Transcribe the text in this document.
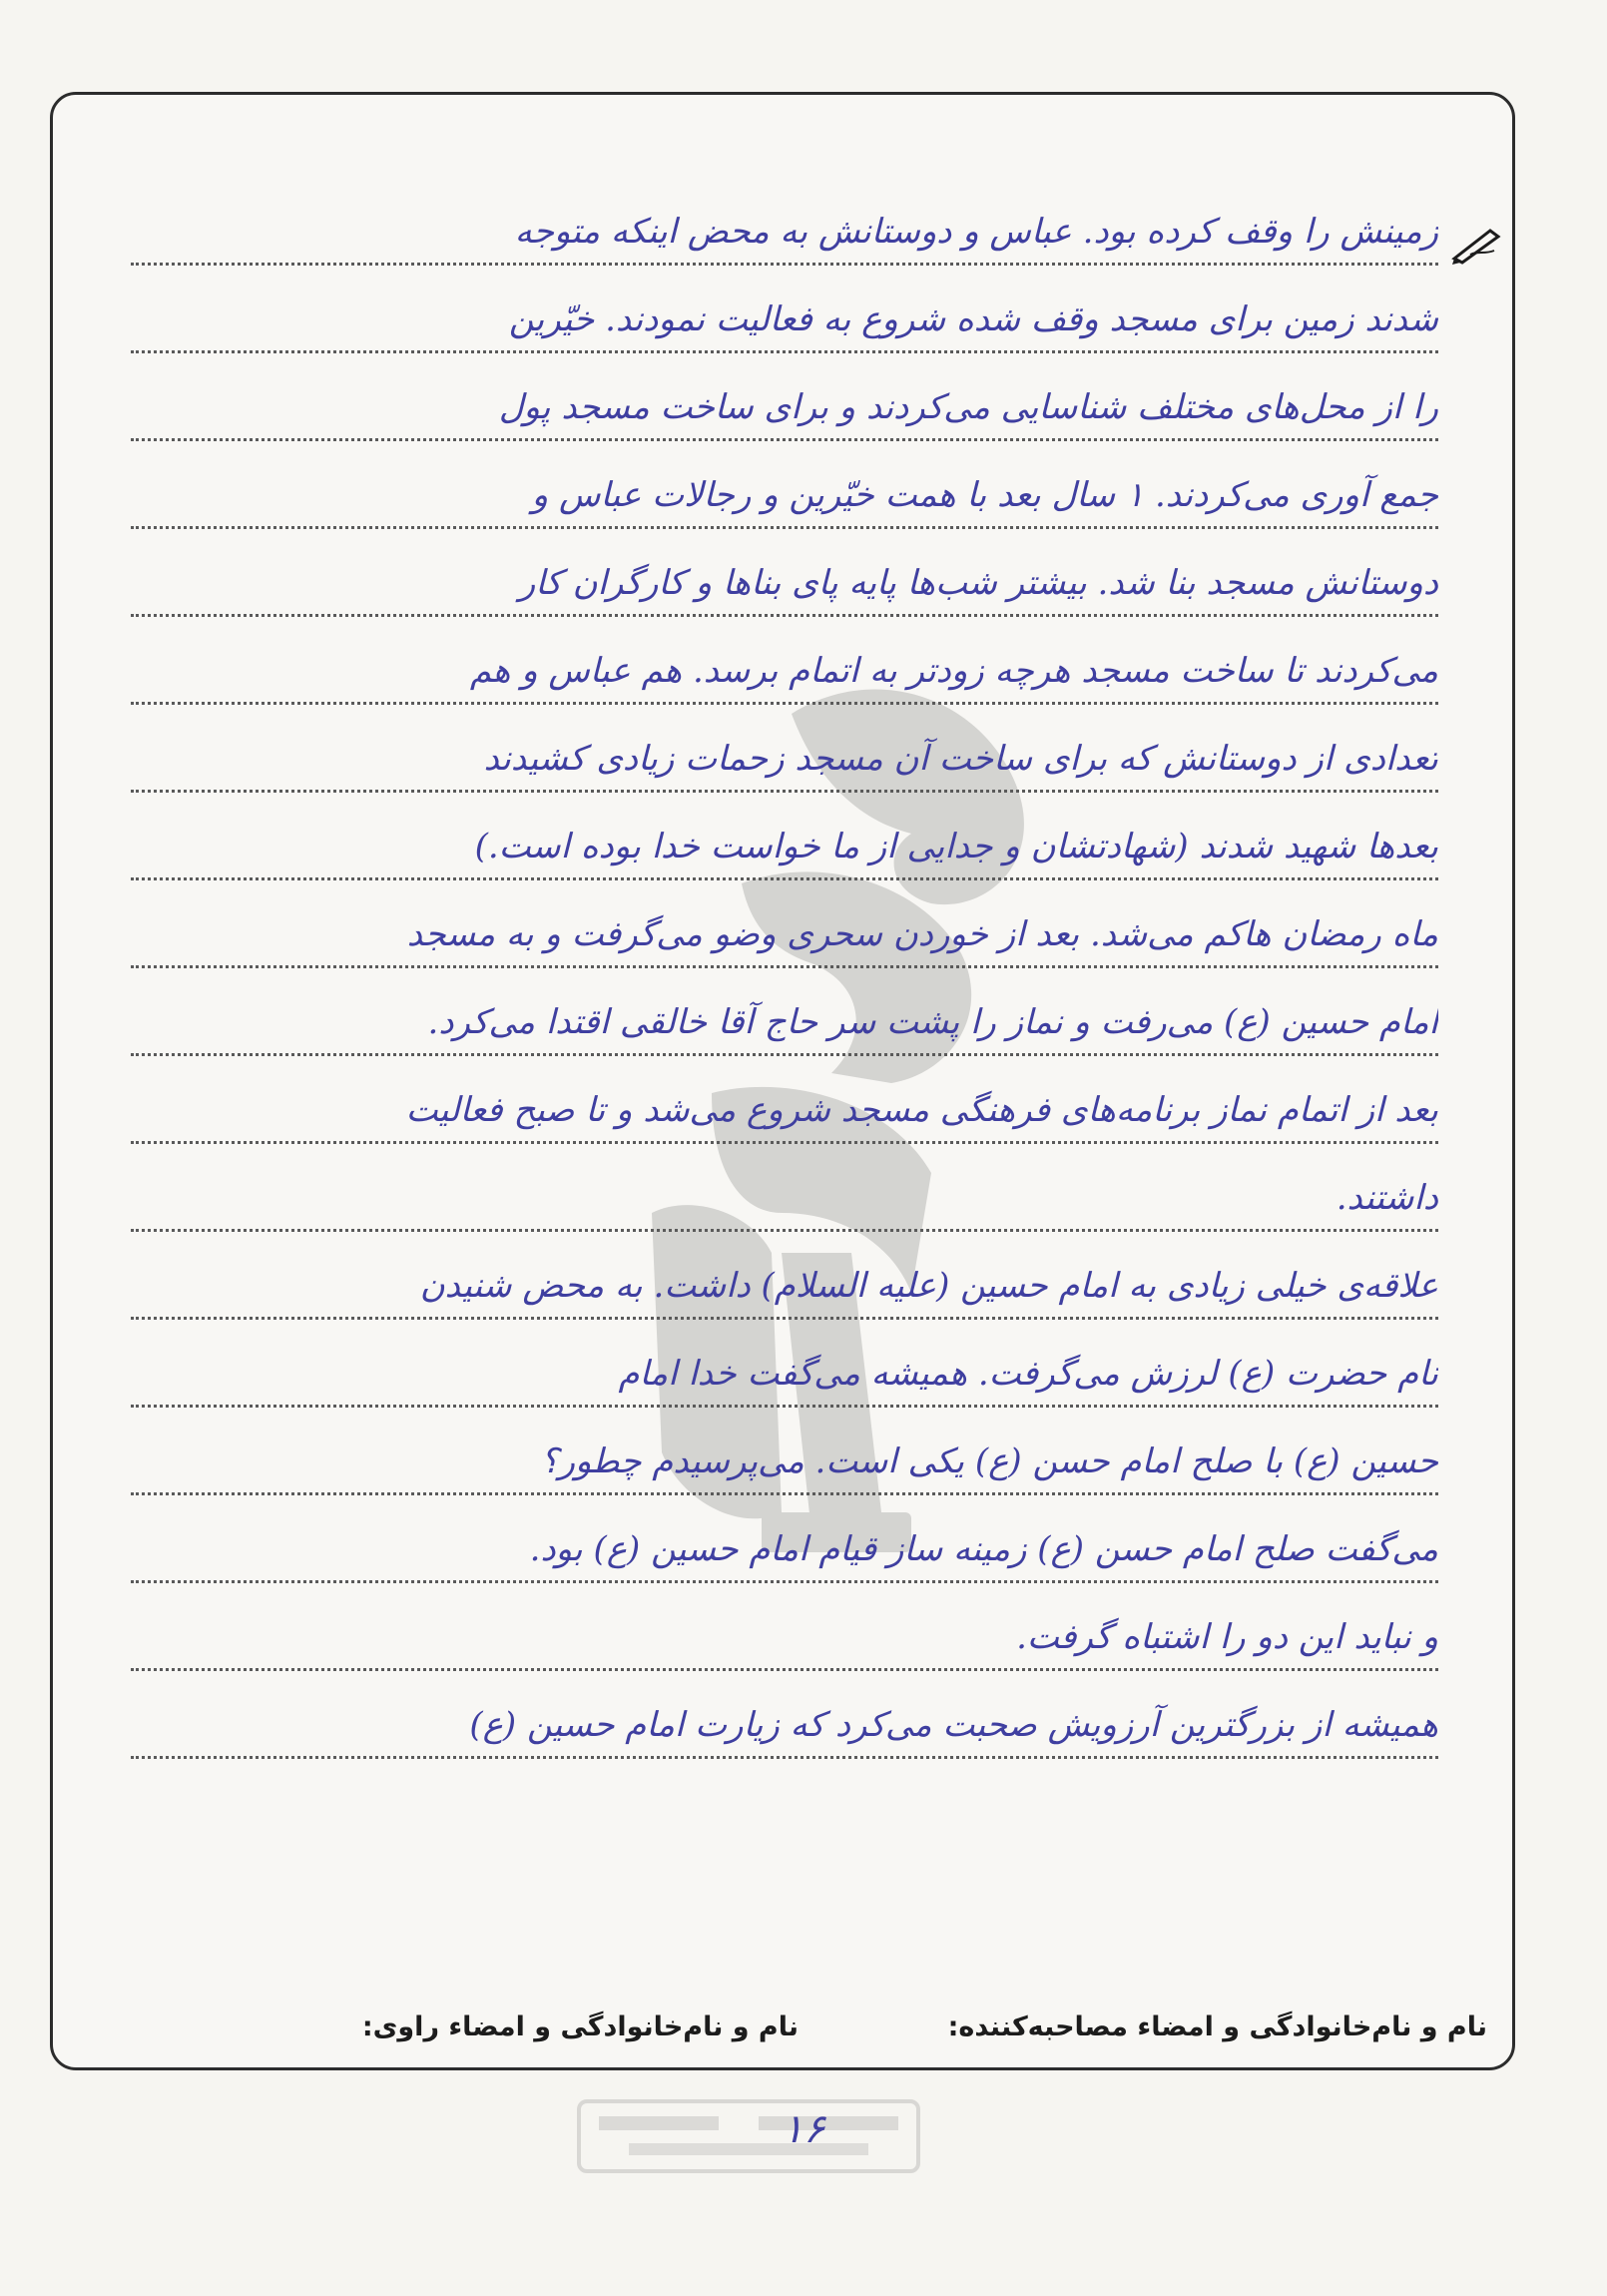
زمینش را وقف کرده بود. عباس و دوستانش به محض اینکه متوجه
شدند زمین برای مسجد وقف شده شروع به فعالیت نمودند. خیّرین
را از محل‌های مختلف شناسایی می‌کردند و برای ساخت مسجد پول
جمع آوری می‌کردند. ۱ سال بعد با همت خیّرین و رجالات عباس و
دوستانش مسجد بنا شد. بیشتر شب‌ها پایه پای بناها و کارگران کار
می‌کردند تا ساخت مسجد هرچه زودتر به اتمام برسد. هم عباس و هم
تعدادی از دوستانش که برای ساخت آن مسجد زحمات زیادی کشیدند
بعدها شهید شدند (شهادتشان و جدایی از ما خواست خدا بوده است.)
ماه رمضان هاکم می‌شد. بعد از خوردن سحری وضو می‌گرفت و به مسجد
امام حسین (ع) می‌رفت و نماز را پشت سر حاج آقا خالقی اقتدا می‌کرد.
بعد از اتمام نماز برنامه‌های فرهنگی مسجد شروع می‌شد و تا صبح فعالیت
داشتند.
علاقه‌ی خیلی زیادی به امام حسین (علیه السلام) داشت. به محض شنیدن
نام حضرت (ع) لرزش می‌گرفت. همیشه می‌گفت خدا امام
حسین (ع) با صلح امام حسن (ع) یکی است. می‌پرسیدم چطور؟
می‌گفت صلح امام حسن (ع) زمینه ساز قیام امام حسین (ع) بود.
و نباید این دو را اشتباه گرفت.
همیشه از بزرگترین آرزویش صحبت می‌کرد که زیارت امام حسین (ع)
نام و نام‌خانوادگی و امضاء مصاحبه‌کننده:
نام و نام‌خانوادگی و امضاء راوی:
۱۶
